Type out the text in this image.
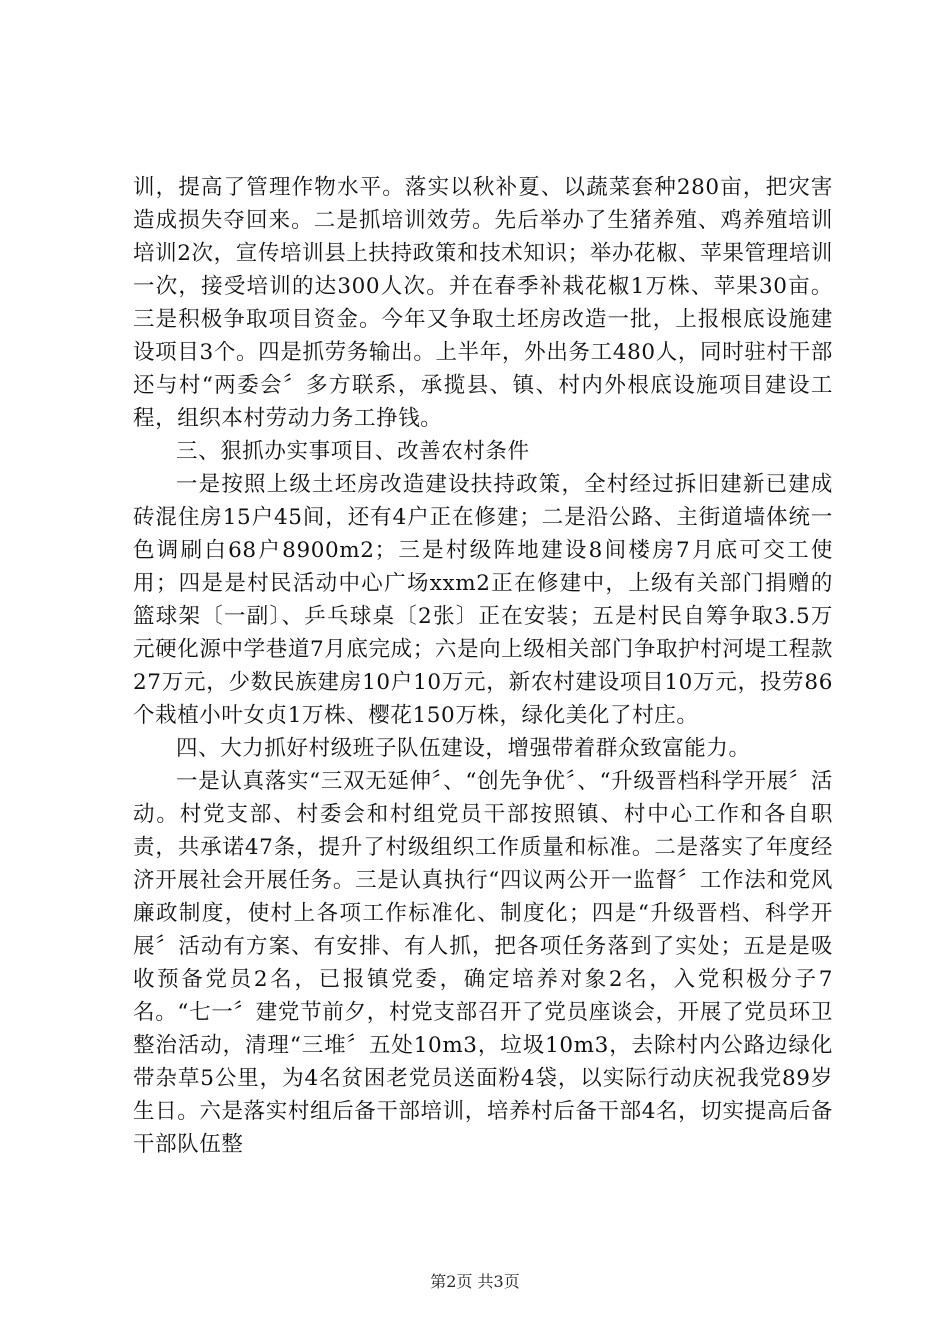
训，提高了管理作物水平。落实以秋补夏、以蔬菜套种280亩，把灾害造成损失夺回来。二是抓培训效劳。先后举办了生猪养殖、鸡养殖培训培训2次，宣传培训县上扶持政策和技术知识；举办花椒、苹果管理培训一次，接受培训的达300人次。并在春季补栽花椒1万株、苹果30亩。三是积极争取项目资金。今年又争取土坯房改造一批，上报根底设施建设项目3个。四是抓劳务输出。上半年，外出务工480人，同时驻村干部还与村“两委会〞多方联系，承揽县、镇、村内外根底设施项目建设工程，组织本村劳动力务工挣钱。

三、狠抓办实事项目、改善农村条件

一是按照上级土坯房改造建设扶持政策，全村经过拆旧建新已建成砖混住房15户45间，还有4户正在修建；二是沿公路、主街道墙体统一色调刷白68户8900m2；三是村级阵地建设8间楼房7月底可交工使用；四是是村民活动中心广场xxm2正在修建中，上级有关部门捐赠的篮球架〔一副〕、乒乓球桌〔2张〕正在安装；五是村民自筹争取3.5万元硬化源中学巷道7月底完成；六是向上级相关部门争取护村河堤工程款27万元，少数民族建房10户10万元，新农村建设项目10万元，投劳86个栽植小叶女贞1万株、樱花150万株，绿化美化了村庄。

四、大力抓好村级班子队伍建设，增强带着群众致富能力。

一是认真落实“三双无延伸〞、“创先争优〞、“升级晋档科学开展〞活动。村党支部、村委会和村组党员干部按照镇、村中心工作和各自职责，共承诺47条，提升了村级组织工作质量和标准。二是落实了年度经济开展社会开展任务。三是认真执行“四议两公开一监督〞工作法和党风廉政制度，使村上各项工作标准化、制度化；四是“升级晋档、科学开展〞活动有方案、有安排、有人抓，把各项任务落到了实处；五是是吸收预备党员2名，已报镇党委，确定培养对象2名，入党积极分子7名。“七一〞建党节前夕，村党支部召开了党员座谈会，开展了党员环卫整治活动，清理“三堆〞五处10m3，垃圾10m3，去除村内公路边绿化带杂草5公里，为4名贫困老党员送面粉4袋，以实际行动庆祝我党89岁生日。六是落实村组后备干部培训，培养村后备干部4名，切实提高后备干部队伍整

第2页 共3页
